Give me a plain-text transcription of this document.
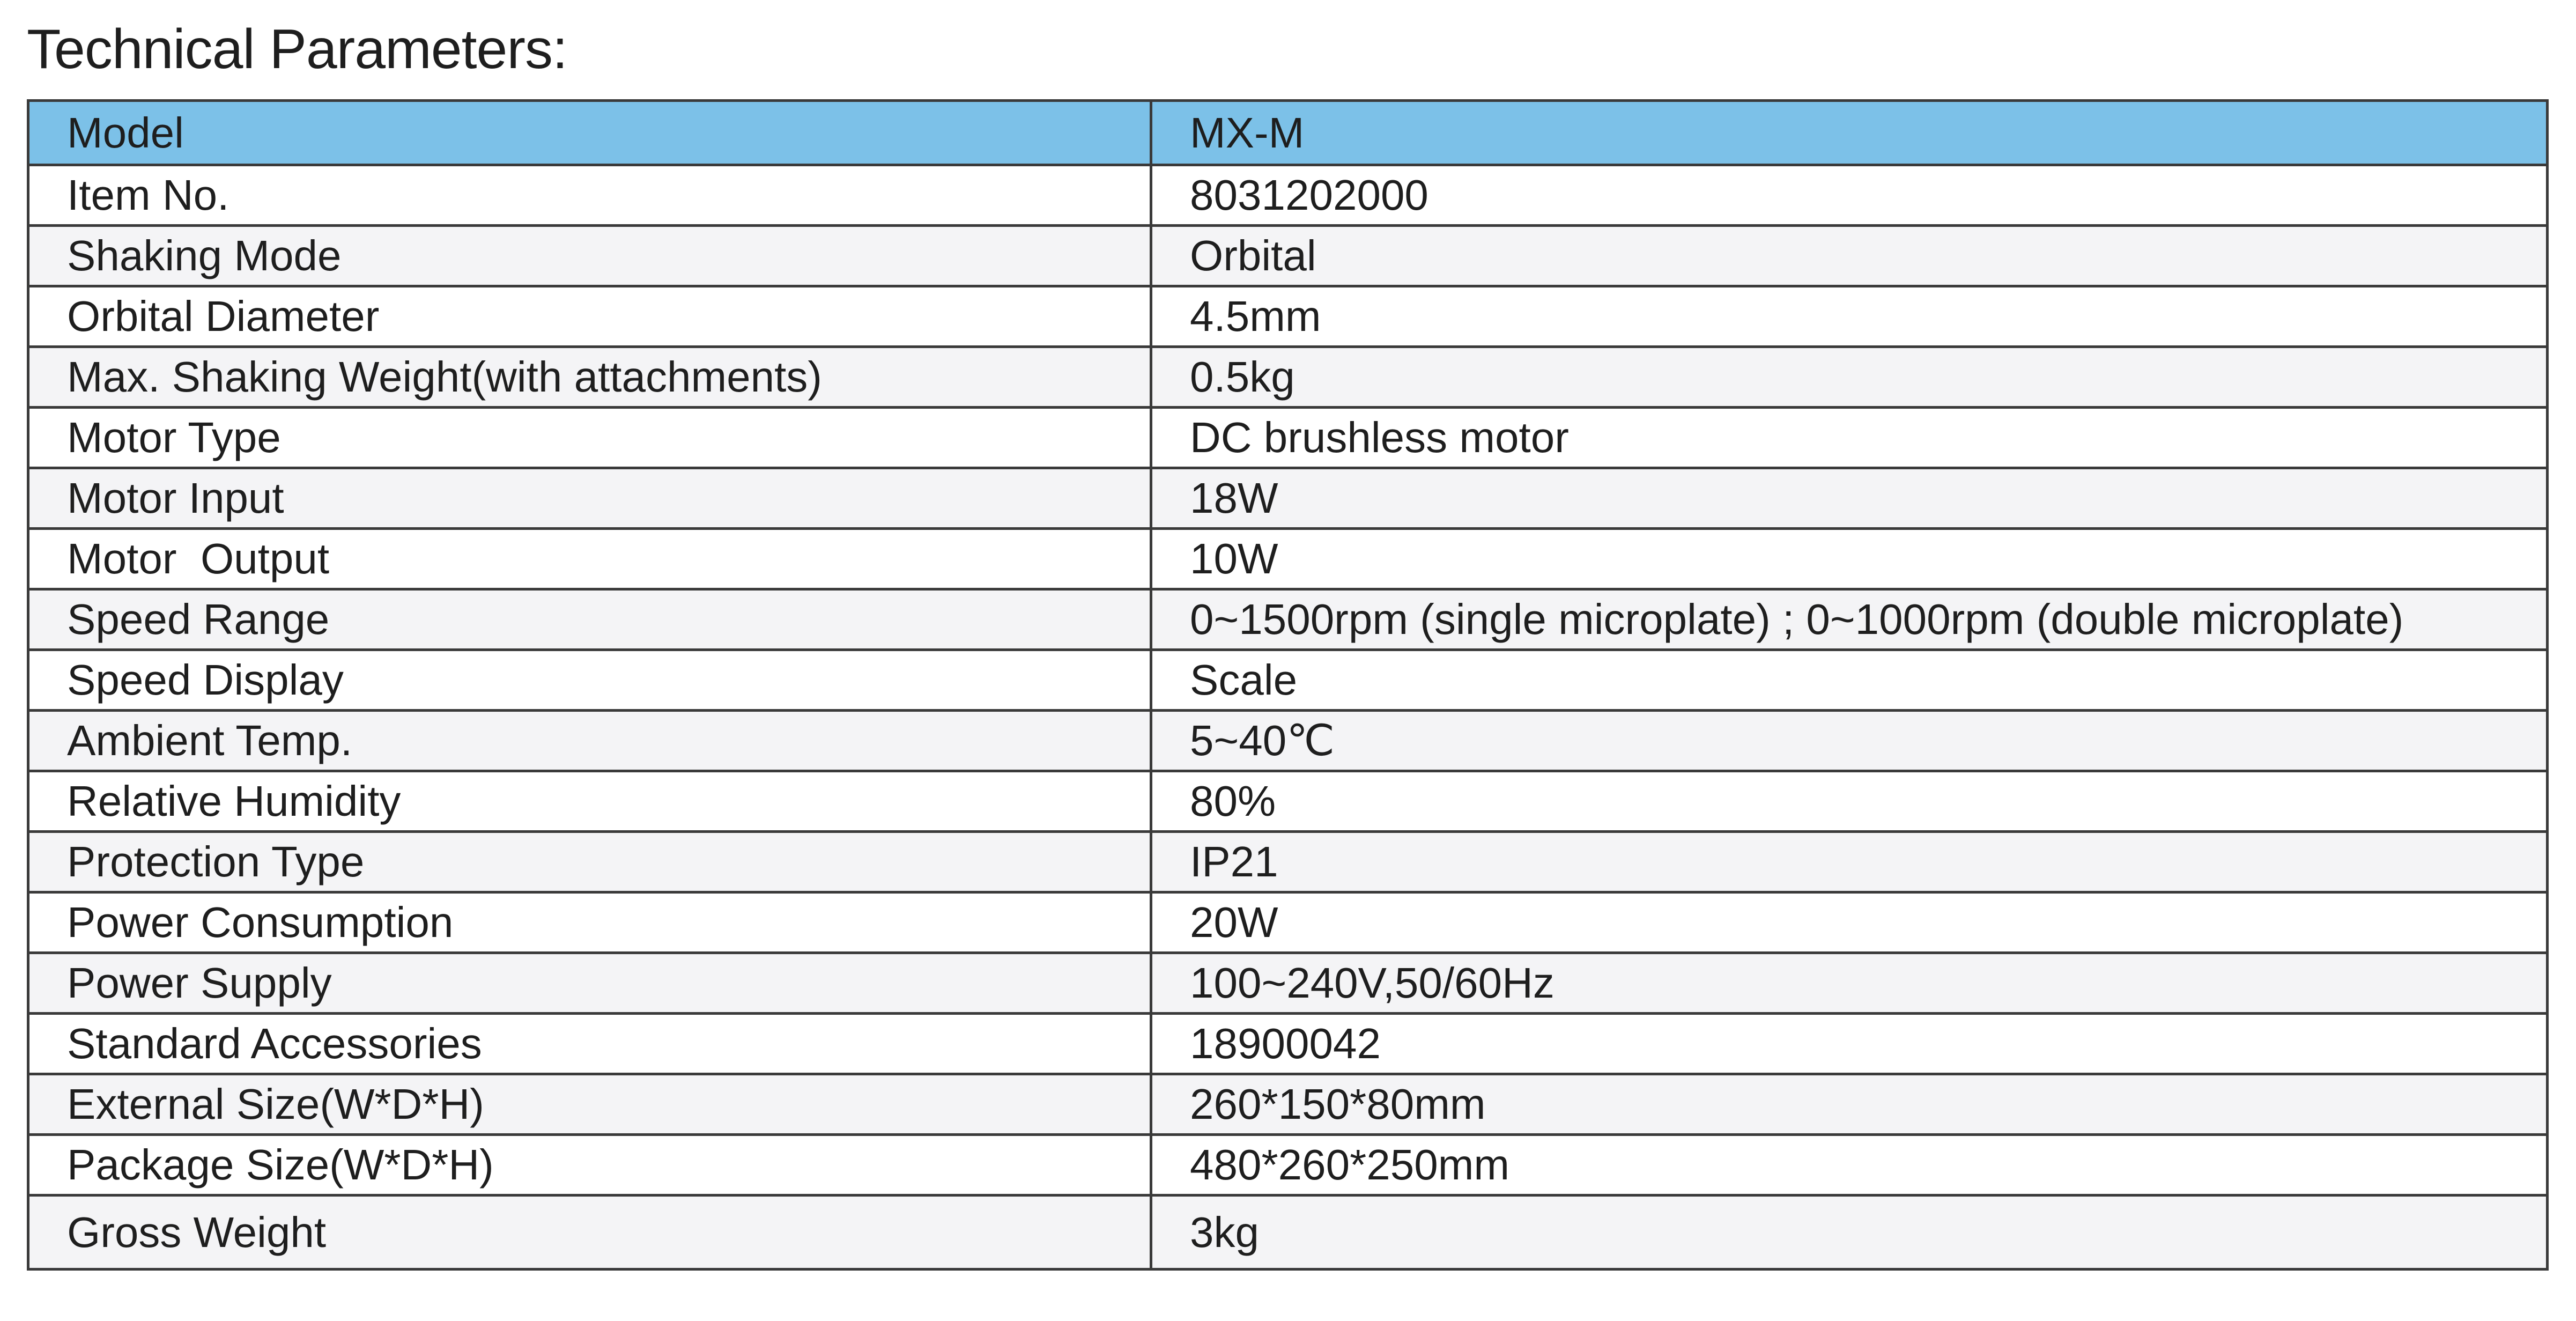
Technical Parameters:
Model	MX-M
Item No.	8031202000
Shaking Mode	Orbital
Orbital Diameter	4.5mm
Max. Shaking Weight(with attachments)	0.5kg
Motor Type	DC brushless motor
Motor Input	18W
Motor  Output	10W
Speed Range	0~1500rpm (single microplate) ; 0~1000rpm (double microplate)
Speed Display	Scale
Ambient Temp.	5~40℃
Relative Humidity	80%
Protection Type	IP21
Power Consumption	20W
Power Supply	100~240V,50/60Hz
Standard Accessories	18900042
External Size(W*D*H)	260*150*80mm
Package Size(W*D*H)	480*260*250mm
Gross Weight	3kg
